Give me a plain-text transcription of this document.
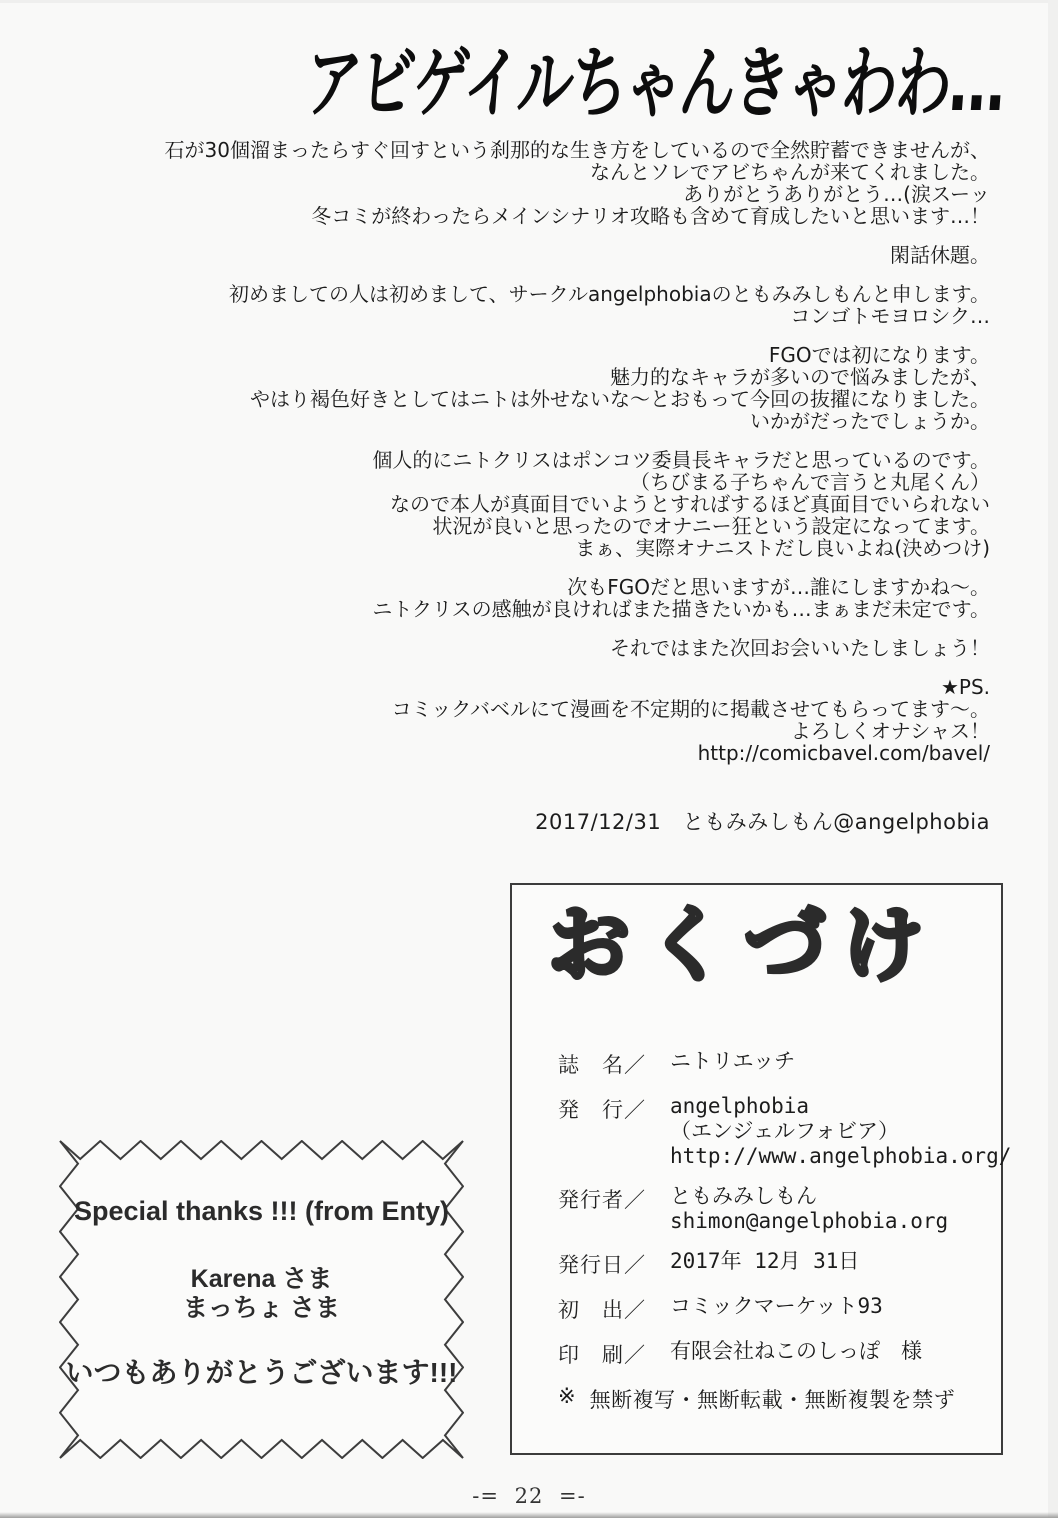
アビゲイルちゃんきゃわわ…
石が30個溜まったらすぐ回すという刹那的な生き方をしているので全然貯蓄できませんが、
なんとソレでアビちゃんが来てくれました。
ありがとうありがとう…(涙スーッ
冬コミが終わったらメインシナリオ攻略も含めて育成したいと思います…！
閑話休題。
初めましての人は初めまして、サークルangelphobiaのともみみしもんと申します。
コンゴトモヨロシク…
FGOでは初になります。
魅力的なキャラが多いので悩みましたが、
やはり褐色好きとしてはニトは外せないな～とおもって今回の抜擢になりました。
いかがだったでしょうか。
個人的にニトクリスはポンコツ委員長キャラだと思っているのです。
（ちびまる子ちゃんで言うと丸尾くん）
なので本人が真面目でいようとすればするほど真面目でいられない
状況が良いと思ったのでオナニー狂という設定になってます。
まぁ、実際オナニストだし良いよね(決めつけ)
次もFGOだと思いますが…誰にしますかね～。
ニトクリスの感触が良ければまた描きたいかも…まぁまだ未定です。
それではまた次回お会いいたしましょう！
★PS.
コミックバベルにて漫画を不定期的に掲載させてもらってます～。
よろしくオナシャス！
http://comicbavel.com/bavel/
2017/12/31　ともみみしもん@angelphobia
おくづけ
誌　名／	ニトリエッチ
発　行／	angelphobia
（エンジェルフォビア）
http://www.angelphobia.org/
発行者／	ともみみしもん
shimon@angelphobia.org
発行日／	2017年 12月 31日
初　出／	コミックマーケット93
印　刷／	有限会社ねこのしっぽ　様
※ 無断複写・無断転載・無断複製を禁ず
Special thanks !!! (from Enty)
Karena さま
まっちょ さま
いつもありがとうございます!!!
-= 22 =-
